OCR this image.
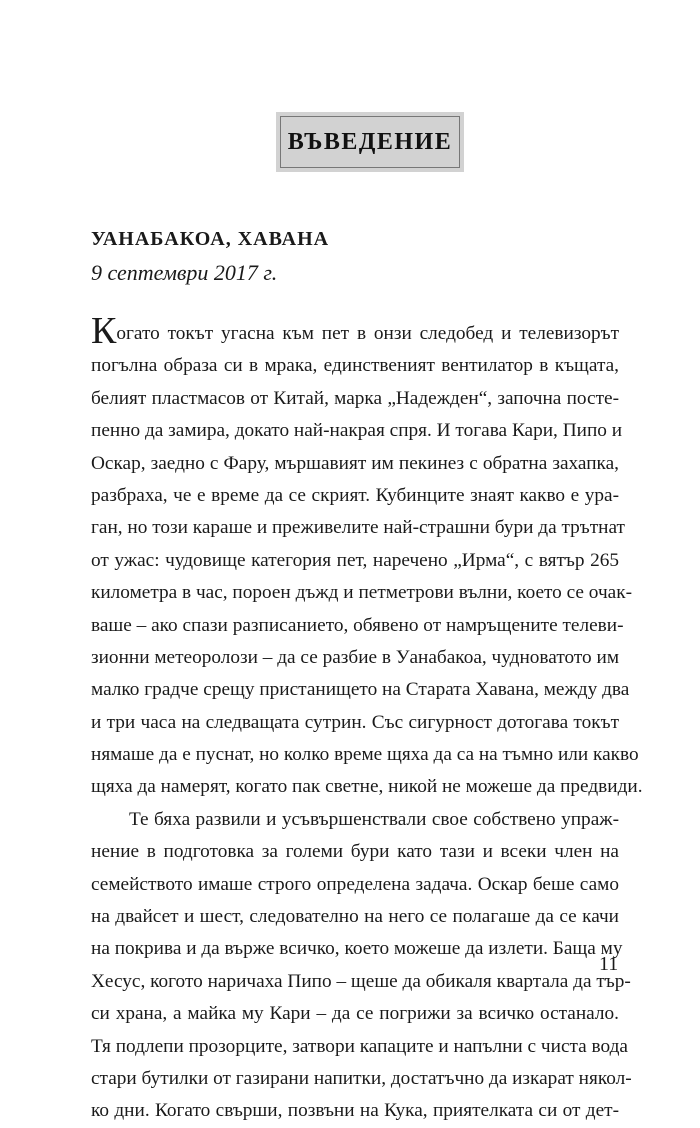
ВЪВЕДЕНИЕ
УАНАБАКОА, ХАВАНА
9 септември 2017 г.
Когато токът угасна към пет в онзи следобед и телевизорът
погълна образа си в мрака, единственият вентилатор в къщата,
белият пластмасов от Китай, марка „Надежден“, започна посте-
пенно да замира, докато най-накрая спря. И тогава Кари, Пипо и
Оскар, заедно с Фару, мършавият им пекинез с обратна захапка,
разбраха, че е време да се скрият. Кубинците знаят какво е ура-
ган, но този караше и преживелите най-страшни бури да трътнат
от ужас: чудовище категория пет, наречено „Ирма“, с вятър 265
километра в час, пороен дъжд и петметрови вълни, което се очак-
ваше – ако спази разписанието, обявено от намръщените телеви-
зионни метеоролози – да се разбие в Уанабакоа, чудноватото им
малко градче срещу пристанището на Старата Хавана, между два
и три часа на следващата сутрин. Със сигурност дотогава токът
нямаше да е пуснат, но колко време щяха да са на тъмно или какво
щяха да намерят, когато пак светне, никой не можеше да предвиди.
Те бяха развили и усъвършенствали свое собствено упраж-
нение в подготовка за големи бури като тази и всеки член на
семейството имаше строго определена задача. Оскар беше само
на двайсет и шест, следователно на него се полагаше да се качи
на покрива и да върже всичко, което можеше да излети. Баща му
Хесус, когото наричаха Пипо – щеше да обикаля квартала да тър-
си храна, а майка му Кари – да се погрижи за всичко останало.
Тя подлепи прозорците, затвори капаците и напълни с чиста вода
стари бутилки от газирани напитки, достатъчно да изкарат някол-
ко дни. Когато свърши, позвъни на Кука, приятелката си от дет-
11
